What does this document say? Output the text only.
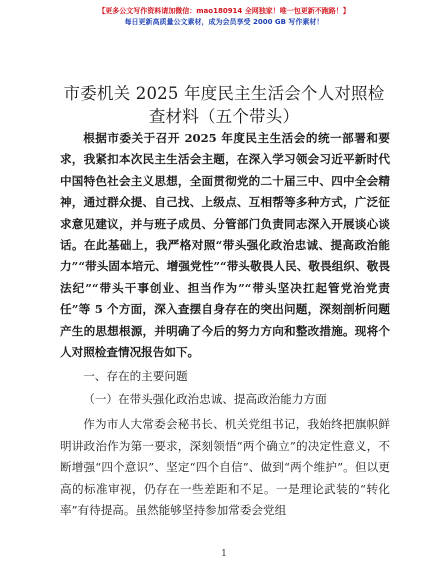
【更多公文写作资料请加微信：mao180914 全网独家！唯一包更新不跑路！】
每日更新高质量公文素材，成为会员享受 2000 GB 写作素材！
市委机关 2025 年度民主生活会个人对照检查材料（五个带头）

根据市委关于召开 2025 年度民主生活会的统一部署和要求，我紧扣本次民主生活会主题，在深入学习领会习近平新时代中国特色社会主义思想，全面贯彻党的二十届三中、四中全会精神，通过群众提、自己找、上级点、互相帮等多种方式，广泛征求意见建议，并与班子成员、分管部门负责同志深入开展谈心谈话。在此基础上，我严格对照“带头强化政治忠诚、提高政治能力”“带头固本培元、增强党性”“带头敬畏人民、敬畏组织、敬畏法纪”“带头干事创业、担当作为”“带头坚决扛起管党治党责任”等 5 个方面，深入查摆自身存在的突出问题，深刻剖析问题产生的思想根源，并明确了今后的努力方向和整改措施。现将个人对照检查情况报告如下。

一、存在的主要问题

（一）在带头强化政治忠诚、提高政治能力方面

作为市人大常委会秘书长、机关党组书记，我始终把旗帜鲜明讲政治作为第一要求，深刻领悟“两个确立”的决定性意义，不断增强“四个意识”、坚定“四个自信”、做到“两个维护”。但以更高的标准审视，仍存在一些差距和不足。一是理论武装的“转化率”有待提高。虽然能够坚持参加常委会党组

1
